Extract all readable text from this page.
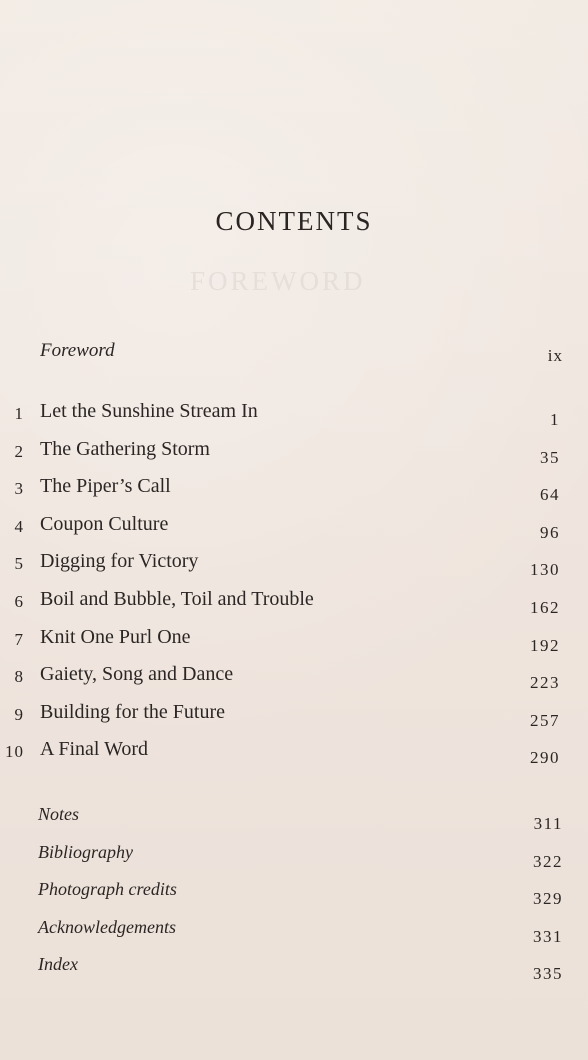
FOREWORD
CONTENTS
Foreword	ix
1 Let the Sunshine Stream In	1
2 The Gathering Storm	35
3 The Piper’s Call	64
4 Coupon Culture	96
5 Digging for Victory	130
6 Boil and Bubble, Toil and Trouble	162
7 Knit One Purl One	192
8 Gaiety, Song and Dance	223
9 Building for the Future	257
10 A Final Word	290
Notes	311
Bibliography	322
Photograph credits	329
Acknowledgements	331
Index	335
